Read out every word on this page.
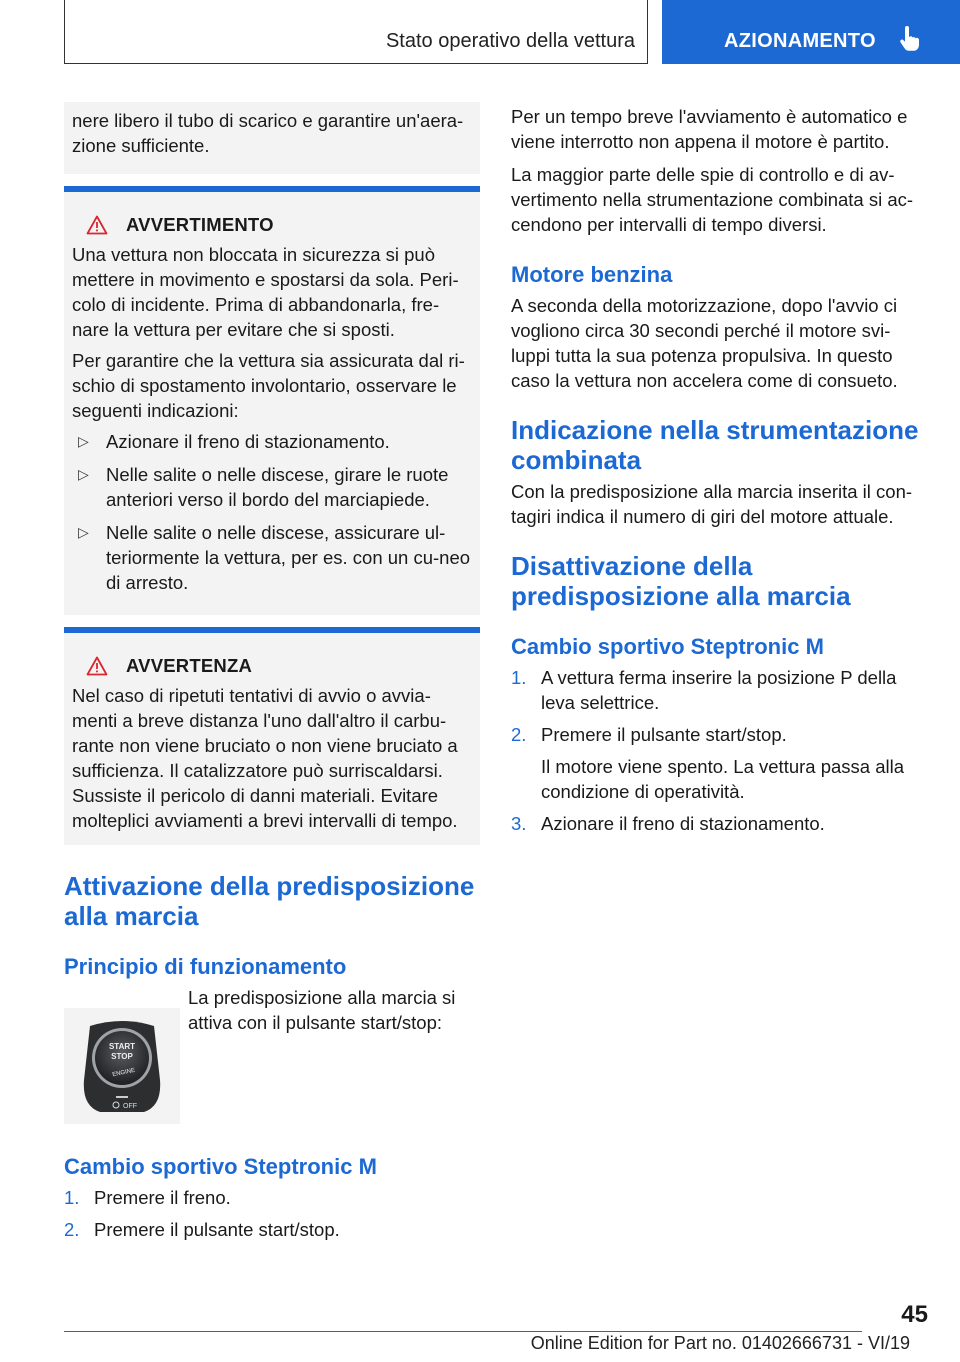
Stato operativo della vettura	AZIONAMENTO

nere libero il tubo di scarico e garantire un'aera-zione sufficiente.

AVVERTIMENTO

Una vettura non bloccata in sicurezza si può mettere in movimento e spostarsi da sola. Peri-colo di incidente. Prima di abbandonarla, fre-nare la vettura per evitare che si sposti.

Per garantire che la vettura sia assicurata dal ri-schio di spostamento involontario, osservare le seguenti indicazioni:

▷ Azionare il freno di stazionamento.
▷ Nelle salite o nelle discese, girare le ruote anteriori verso il bordo del marciapiede.
▷ Nelle salite o nelle discese, assicurare ul-teriormente la vettura, per es. con un cu-neo di arresto.
AVVERTENZA

Nel caso di ripetuti tentativi di avvio o avvia-menti a breve distanza l'uno dall'altro il carbu-rante non viene bruciato o non viene bruciato a sufficienza. Il catalizzatore può surriscaldarsi. Sussiste il pericolo di danni materiali. Evitare molteplici avviamenti a brevi intervalli di tempo.

Attivazione della predisposizione alla marcia
Principio di funzionamento

La predisposizione alla marcia si attiva con il pulsante start/stop:

START
STOP
ENGINE
OFF
Cambio sportivo Steptronic M
1. Premere il freno.
2. Premere il pulsante start/stop.

Per un tempo breve l'avviamento è automatico e viene interrotto non appena il motore è partito.

La maggior parte delle spie di controllo e di av-vertimento nella strumentazione combinata si ac-cendono per intervalli di tempo diversi.

Motore benzina

A seconda della motorizzazione, dopo l'avvio ci vogliono circa 30 secondi perché il motore svi-luppi tutta la sua potenza propulsiva. In questo caso la vettura non accelera come di consueto.

Indicazione nella strumentazione combinata

Con la predisposizione alla marcia inserita il con-tagiri indica il numero di giri del motore attuale.

Disattivazione della predisposizione alla marcia
Cambio sportivo Steptronic M
1. A vettura ferma inserire la posizione P della leva selettrice.
2. Premere il pulsante start/stop.
Il motore viene spento. La vettura passa alla condizione di operatività.
3. Azionare il freno di stazionamento.
45
Online Edition for Part no. 01402666731 - VI/19
